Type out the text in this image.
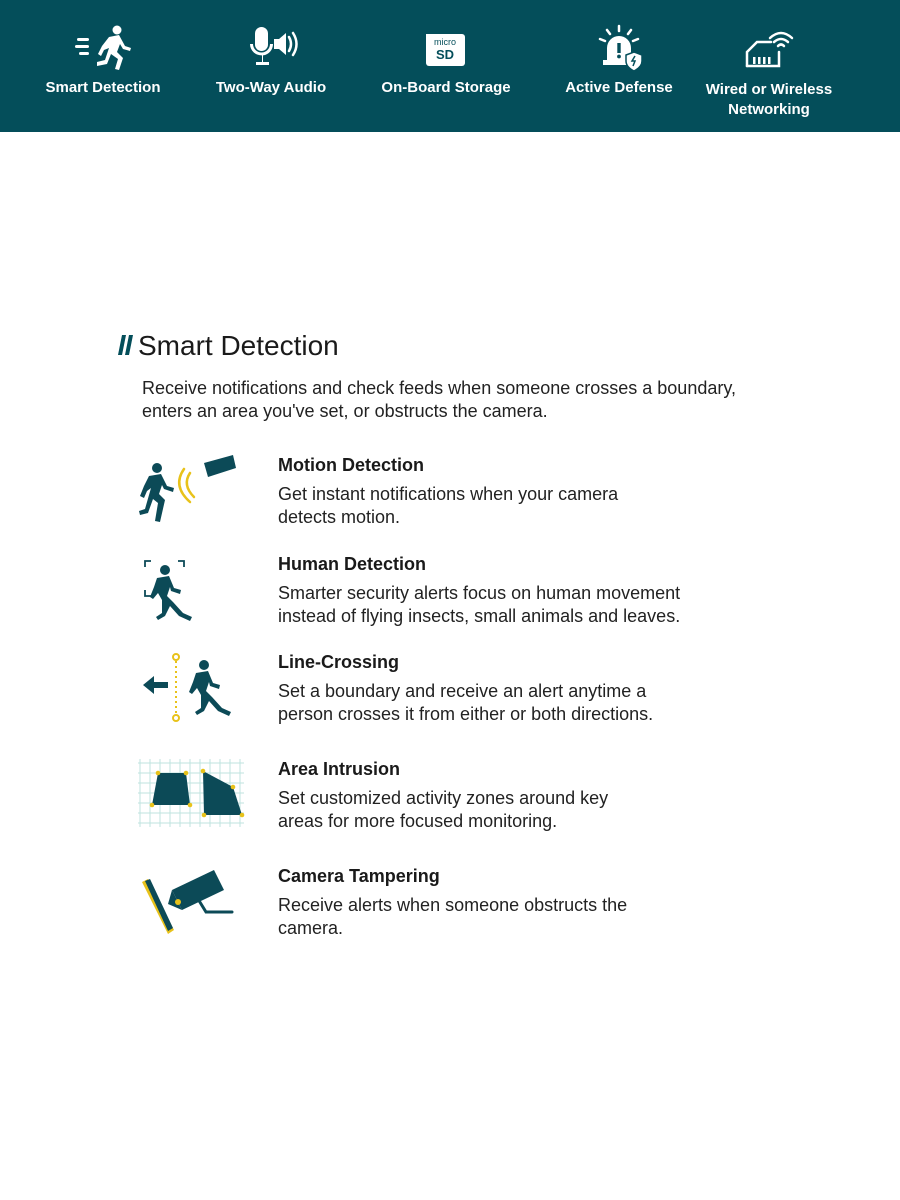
Smart Detection	Two-Way Audio
micro
SD
On-Board Storage	Active Defense	Wired or Wireless
Networking
Smart Detection
Receive notifications and check feeds when someone crosses a boundary,
enters an area you've set, or obstructs the camera.
Motion Detection
Get instant notifications when your camera
detects motion.
Human Detection
Smarter security alerts focus on human movement
instead of flying insects, small animals and leaves.
Line-Crossing
Set a boundary and receive an alert anytime a
person crosses it from either or both directions.
Area Intrusion
Set customized activity zones around key
areas for more focused monitoring.
Camera Tampering
Receive alerts when someone obstructs the
camera.
